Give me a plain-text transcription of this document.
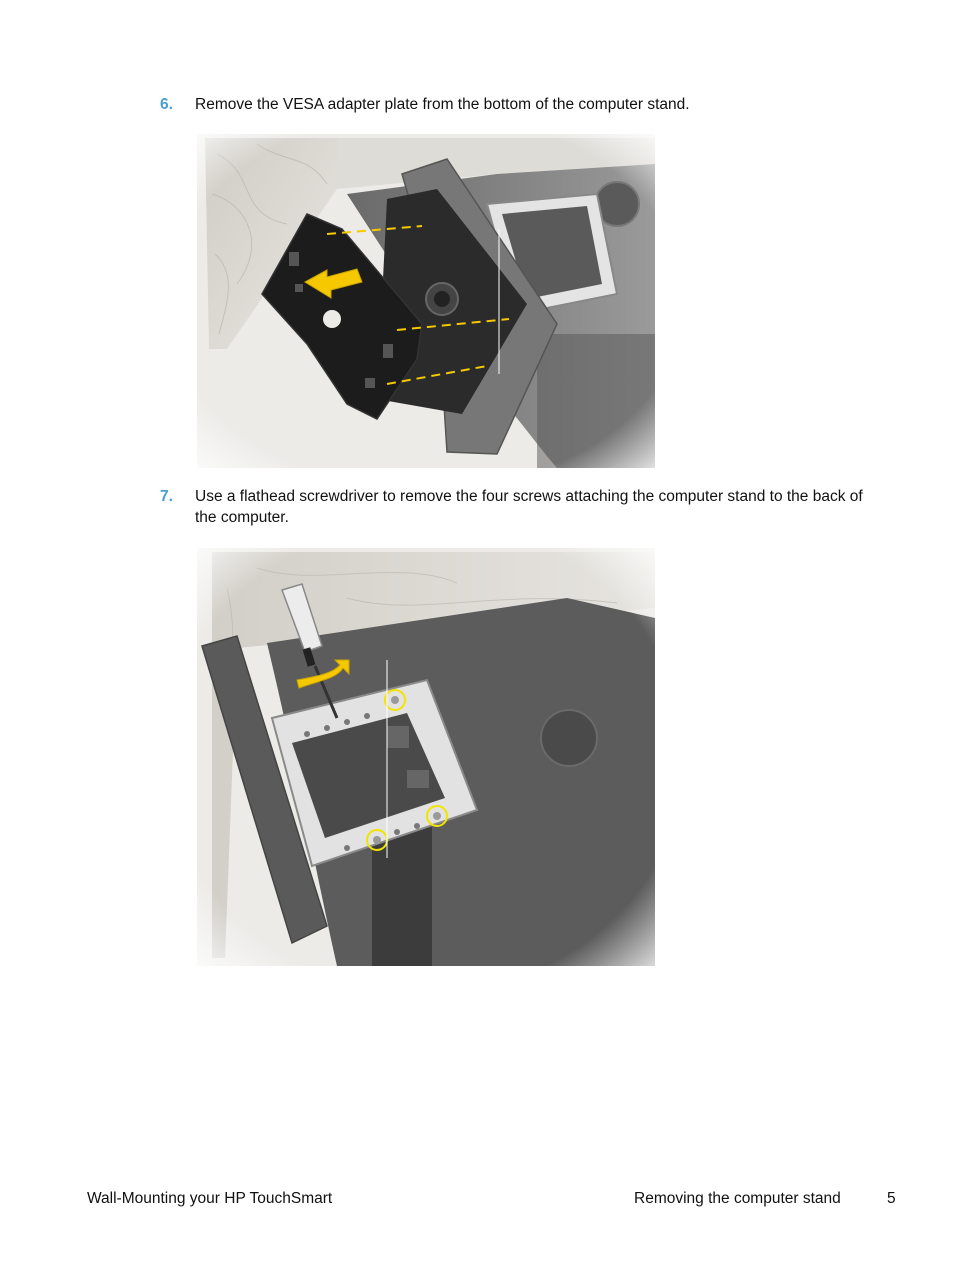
6. Remove the VESA adapter plate from the bottom of the computer stand.
7. Use a flathead screwdriver to remove the four screws attaching the computer stand to the back of the computer.
Wall-Mounting your HP TouchSmart	Removing the computer stand	5
